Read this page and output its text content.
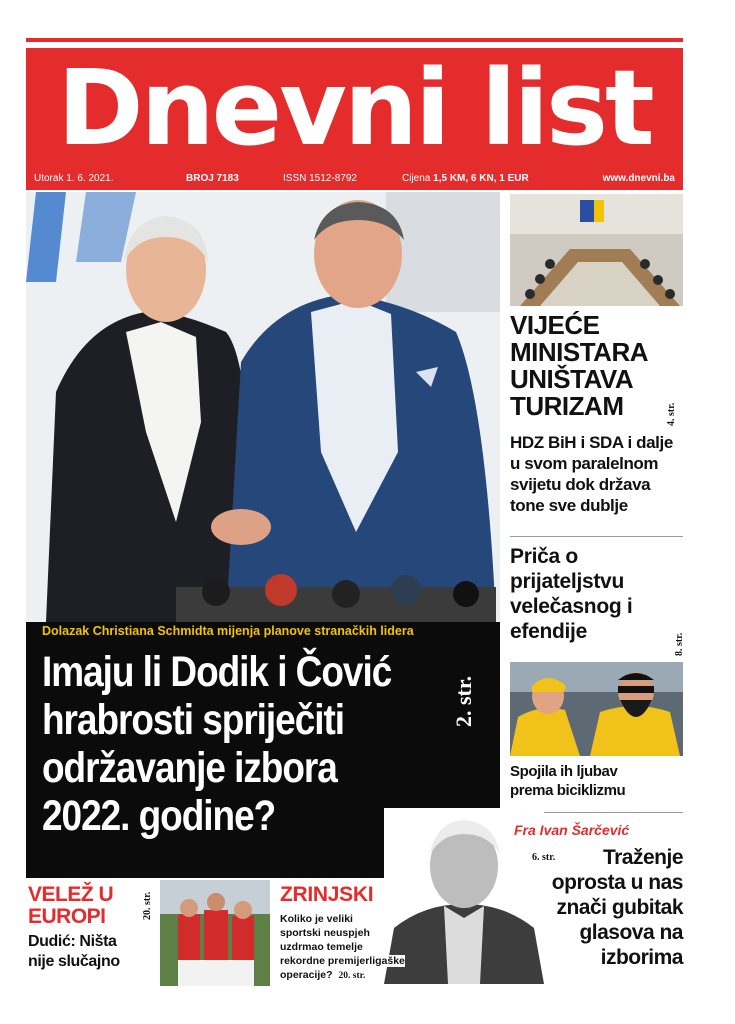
Dnevni list
Utorak 1. 6. 2021.	BROJ 7183	ISSN 1512-8792	Cijena 1,5 KM, 6 KN, 1 EUR	www.dnevni.ba
Dolazak Christiana Schmidta mijenja planove stranačkih lidera
Imaju li Dodik i Čović
hrabrosti spriječiti
održavanje izbora
2022. godine?
2. str.
VIJEĆE
MINISTARA
UNIŠTAVA
TURIZAM	4. str.
HDZ BiH i SDA i dalje
u svom paralelnom
svijetu dok država
tone sve dublje
Priča o
prijateljstvu
velečasnog i
efendije
8. str.
Spojila ih ljubav
prema biciklizmu
Fra Ivan Šarčević
6. str.	Traženje
oprosta u nas
znači gubitak
glasova na
izborima
VELEŽ U
EUROPI	20. str.
Dudić: Ništa
nije slučajno
ZRINJSKI
Koliko je veliki
sportski neuspjeh
uzdrmao temelje
rekordne premijerligaške
operacije? 20. str.
